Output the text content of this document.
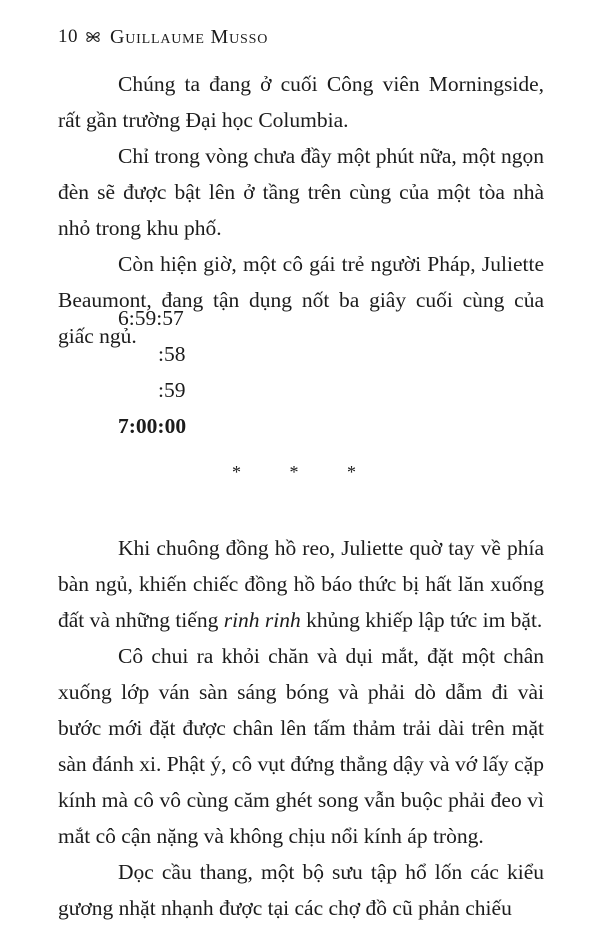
10 Guillaume Musso

Chúng ta đang ở cuối Công viên Morningside, rất gần trường Đại học Columbia.

Chỉ trong vòng chưa đầy một phút nữa, một ngọn đèn sẽ được bật lên ở tầng trên cùng của một tòa nhà nhỏ trong khu phố.

Còn hiện giờ, một cô gái trẻ người Pháp, Juliette Beaumont, đang tận dụng nốt ba giây cuối cùng của giấc ngủ.

6:59:57
:58
:59
7:00:00
* * *

Khi chuông đồng hồ reo, Juliette quờ tay về phía bàn ngủ, khiến chiếc đồng hồ báo thức bị hất lăn xuống đất và những tiếng rinh rinh khủng khiếp lập tức im bặt.

Cô chui ra khỏi chăn và dụi mắt, đặt một chân xuống lớp ván sàn sáng bóng và phải dò dẫm đi vài bước mới đặt được chân lên tấm thảm trải dài trên mặt sàn đánh xi. Phật ý, cô vụt đứng thẳng dậy và vớ lấy cặp kính mà cô vô cùng căm ghét song vẫn buộc phải đeo vì mắt cô cận nặng và không chịu nổi kính áp tròng.

Dọc cầu thang, một bộ sưu tập hổ lốn các kiểu gương nhặt nhạnh được tại các chợ đồ cũ phản chiếu
